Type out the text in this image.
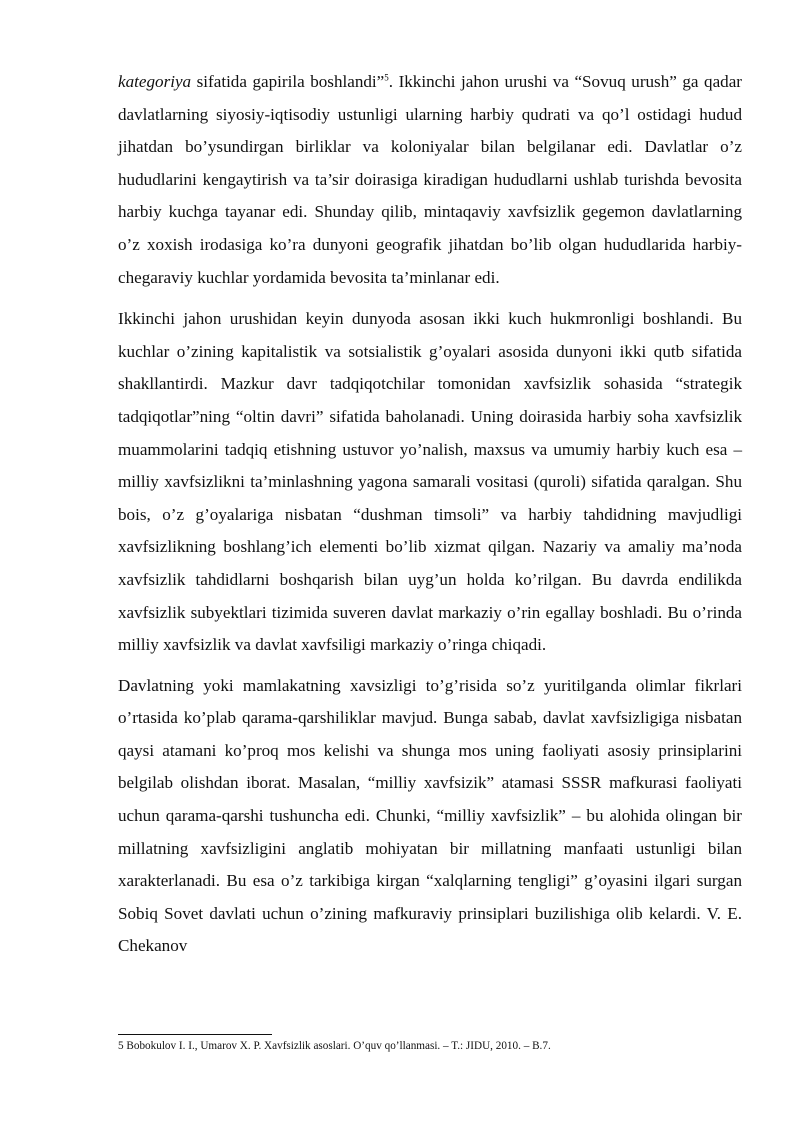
kategoriya sifatida gapirila boshlandi”$^5$. Ikkinchi jahon urushi va “Sovuq urush” ga qadar davlatlarning siyosiy-iqtisodiy ustunligi ularning harbiy qudrati va qo’l ostidagi hudud jihatdan bo’ysundirgan birliklar va koloniyalar bilan belgilanar edi. Davlatlar o’z hududlarini kengaytirish va ta’sir doirasiga kiradigan hududlarni ushlab turishda bevosita harbiy kuchga tayanar edi. Shunday qilib, mintaqaviy xavfsizlik gegemon davlatlarning o’z xoxish irodasiga ko’ra dunyoni geografik jihatdan bo’lib olgan hududlarida harbiy-chegaraviy kuchlar yordamida bevosita ta’minlanar edi.

Ikkinchi jahon urushidan keyin dunyoda asosan ikki kuch hukmronligi boshlandi. Bu kuchlar o’zining kapitalistik va sotsialistik g’oyalari asosida dunyoni ikki qutb sifatida shakllantirdi. Mazkur davr tadqiqotchilar tomonidan xavfsizlik sohasida “strategik tadqiqotlar”ning “oltin davri” sifatida baholanadi. Uning doirasida harbiy soha xavfsizlik muammolarini tadqiq etishning ustuvor yo’nalish, maxsus va umumiy harbiy kuch esa – milliy xavfsizlikni ta’minlashning yagona samarali vositasi (quroli) sifatida qaralgan. Shu bois, o’z g’oyalariga nisbatan “dushman timsoli” va harbiy tahdidning mavjudligi xavfsizlikning boshlang’ich elementi bo’lib xizmat qilgan. Nazariy va amaliy ma’noda xavfsizlik tahdidlarni boshqarish bilan uyg’un holda ko’rilgan. Bu davrda endilikda xavfsizlik subyektlari tizimida suveren davlat markaziy o’rin egallay boshladi. Bu o’rinda milliy xavfsizlik va davlat xavfsiligi markaziy o’ringa chiqadi.

Davlatning yoki mamlakatning xavsizligi to’g’risida so’z yuritilganda olimlar fikrlari o’rtasida ko’plab qarama-qarshiliklar mavjud. Bunga sabab, davlat xavfsizligiga nisbatan qaysi atamani ko’proq mos kelishi va shunga mos uning faoliyati asosiy prinsiplarini belgilab olishdan iborat. Masalan, “milliy xavfsizik” atamasi SSSR mafkurasi faoliyati uchun qarama-qarshi tushuncha edi. Chunki, “milliy xavfsizlik” – bu alohida olingan bir millatning xavfsizligini anglatib mohiyatan bir millatning manfaati ustunligi bilan xarakterlanadi. Bu esa o’z tarkibiga kirgan “xalqlarning tengligi” g’oyasini ilgari surgan Sobiq Sovet davlati uchun o’zining mafkuraviy prinsiplari buzilishiga olib kelardi. V. E. Chekanov

5 Bobokulov I. I., Umarov X. P. Xavfsizlik asoslari. O’quv qo’llanmasi. – T.: JIDU, 2010. – B.7.
